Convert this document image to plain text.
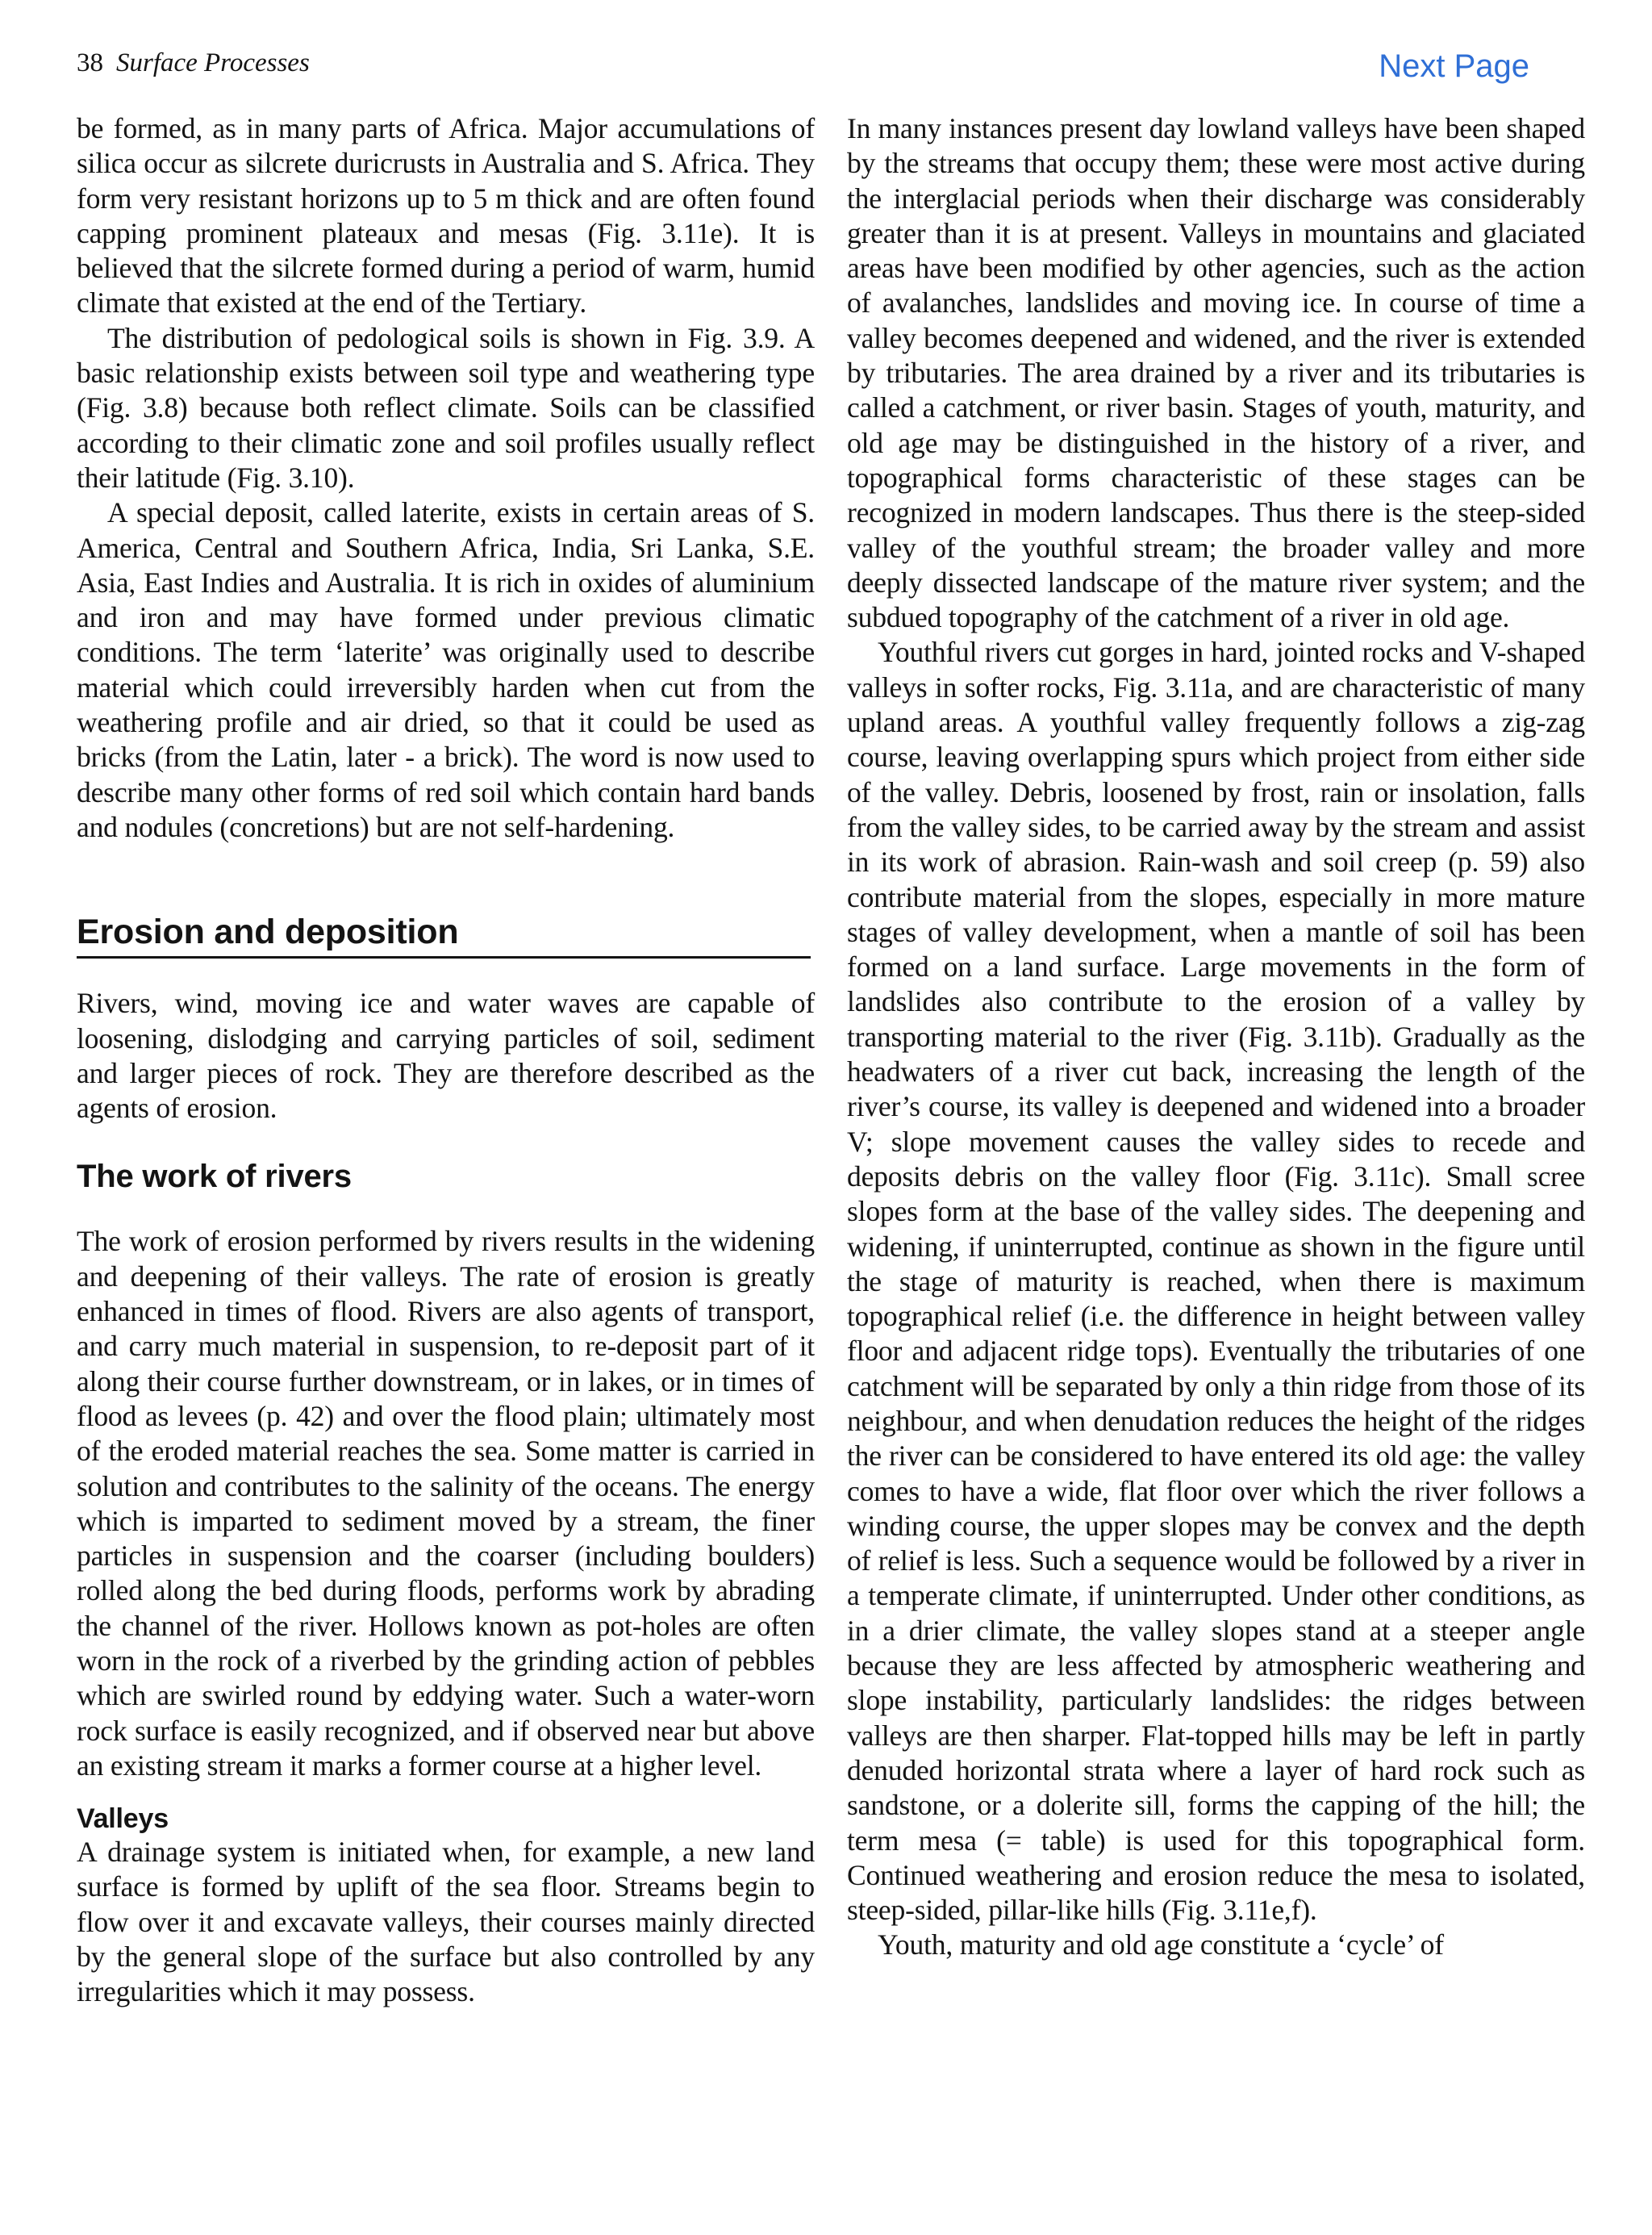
38 Surface Processes	Next Page

be formed, as in many parts of Africa. Major accumulations of silica occur as silcrete duricrusts in Australia and S. Africa. They form very resistant horizons up to 5 m thick and are often found capping prominent plateaux and mesas (Fig. 3.11e). It is believed that the silcrete formed during a period of warm, humid climate that existed at the end of the Tertiary.

The distribution of pedological soils is shown in Fig. 3.9. A basic relationship exists between soil type and weathering type (Fig. 3.8) because both reflect climate. Soils can be classified according to their climatic zone and soil profiles usually reflect their latitude (Fig. 3.10).

A special deposit, called laterite, exists in certain areas of S. America, Central and Southern Africa, India, Sri Lanka, S.E. Asia, East Indies and Australia. It is rich in oxides of aluminium and iron and may have formed under previous climatic conditions. The term ‘laterite’ was originally used to describe material which could irreversibly harden when cut from the weathering profile and air dried, so that it could be used as bricks (from the Latin, later - a brick). The word is now used to describe many other forms of red soil which contain hard bands and nodules (concretions) but are not self-hardening.

Erosion and deposition

Rivers, wind, moving ice and water waves are capable of loosening, dislodging and carrying particles of soil, sediment and larger pieces of rock. They are therefore described as the agents of erosion.

The work of rivers

The work of erosion performed by rivers results in the widening and deepening of their valleys. The rate of erosion is greatly enhanced in times of flood. Rivers are also agents of transport, and carry much material in suspension, to re-deposit part of it along their course further downstream, or in lakes, or in times of flood as levees (p. 42) and over the flood plain; ultimately most of the eroded material reaches the sea. Some matter is carried in solution and contributes to the salinity of the oceans. The energy which is imparted to sediment moved by a stream, the finer particles in suspension and the coarser (including boulders) rolled along the bed during floods, performs work by abrading the channel of the river. Hollows known as pot-holes are often worn in the rock of a riverbed by the grinding action of pebbles which are swirled round by eddying water. Such a water-worn rock surface is easily recognized, and if observed near but above an existing stream it marks a former course at a higher level.

Valleys

A drainage system is initiated when, for example, a new land surface is formed by uplift of the sea floor. Streams begin to flow over it and excavate valleys, their courses mainly directed by the general slope of the surface but also controlled by any irregularities which it may possess.

In many instances present day lowland valleys have been shaped by the streams that occupy them; these were most active during the interglacial periods when their discharge was considerably greater than it is at present. Valleys in mountains and glaciated areas have been modified by other agencies, such as the action of avalanches, landslides and moving ice. In course of time a valley becomes deepened and widened, and the river is extended by tributaries. The area drained by a river and its tributaries is called a catchment, or river basin. Stages of youth, maturity, and old age may be distinguished in the history of a river, and topographical forms characteristic of these stages can be recognized in modern landscapes. Thus there is the steep-sided valley of the youthful stream; the broader valley and more deeply dissected landscape of the mature river system; and the subdued topography of the catchment of a river in old age.

Youthful rivers cut gorges in hard, jointed rocks and V-shaped valleys in softer rocks, Fig. 3.11a, and are characteristic of many upland areas. A youthful valley frequently follows a zig-zag course, leaving overlapping spurs which project from either side of the valley. Debris, loosened by frost, rain or insolation, falls from the valley sides, to be carried away by the stream and assist in its work of abrasion. Rain-wash and soil creep (p. 59) also contribute material from the slopes, especially in more mature stages of valley development, when a mantle of soil has been formed on a land surface. Large movements in the form of landslides also contribute to the erosion of a valley by transporting material to the river (Fig. 3.11b). Gradually as the headwaters of a river cut back, increasing the length of the river’s course, its valley is deepened and widened into a broader V; slope movement causes the valley sides to recede and deposits debris on the valley floor (Fig. 3.11c). Small scree slopes form at the base of the valley sides. The deepening and widening, if uninterrupted, continue as shown in the figure until the stage of maturity is reached, when there is maximum topographical relief (i.e. the difference in height between valley floor and adjacent ridge tops). Eventually the tributaries of one catchment will be separated by only a thin ridge from those of its neighbour, and when denudation reduces the height of the ridges the river can be considered to have entered its old age: the valley comes to have a wide, flat floor over which the river follows a winding course, the upper slopes may be convex and the depth of relief is less. Such a sequence would be followed by a river in a temperate climate, if uninterrupted. Under other conditions, as in a drier climate, the valley slopes stand at a steeper angle because they are less affected by atmospheric weathering and slope instability, particularly landslides: the ridges between valleys are then sharper. Flat-topped hills may be left in partly denuded horizontal strata where a layer of hard rock such as sandstone, or a dolerite sill, forms the capping of the hill; the term mesa (= table) is used for this topographical form. Continued weathering and erosion reduce the mesa to isolated, steep-sided, pillar-like hills (Fig. 3.11e,f).

Youth, maturity and old age constitute a ‘cycle’ of
